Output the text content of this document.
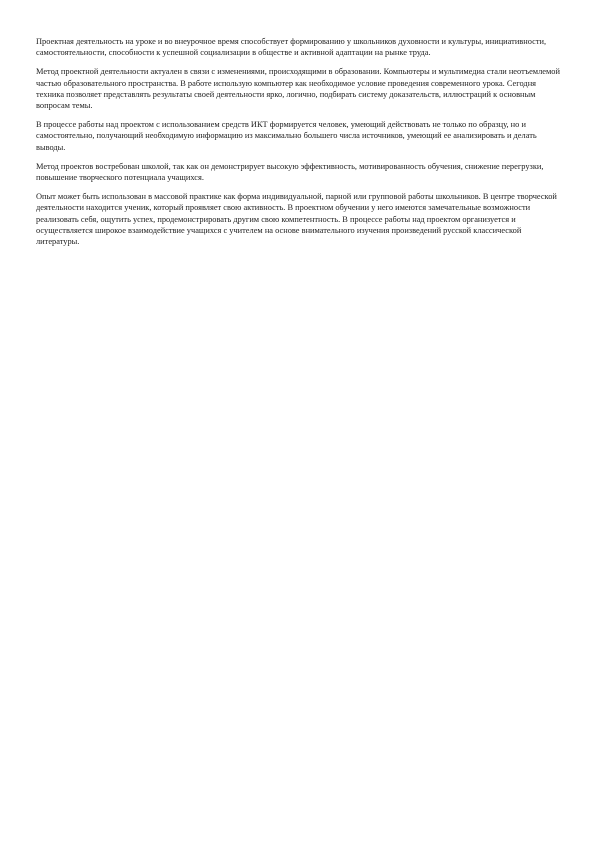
Проектная деятельность на уроке и во внеурочное время способствует формированию у школьников духовности и культуры, инициативности, самостоятельности, способности к успешной социализации в обществе и активной адаптации на рынке труда.

Метод проектной деятельности актуален в связи с изменениями, происходящими в образовании. Компьютеры и мультимедиа стали неотъемлемой частью образовательного пространства. В работе использую компьютер как необходимое условие проведения современного урока. Сегодня техника позволяет представлять результаты своей деятельности ярко, логично, подбирать систему доказательств, иллюстраций к основным вопросам темы.

В процессе работы над проектом с использованием средств ИКТ формируется человек, умеющий действовать не только по образцу, но и самостоятельно, получающий необходимую информацию из максимально большего числа источников, умеющий ее анализировать и делать выводы.

Метод проектов востребован школой, так как он демонстрирует высокую эффективность, мотивированность обучения, снижение перегрузки, повышение творческого потенциала учащихся.

Опыт может быть использован в массовой практике как форма индивидуальной, парной или групповой работы школьников. В центре творческой деятельности находится ученик, который проявляет свою активность. В проектном обучении у него имеются замечательные возможности реализовать себя, ощутить успех, продемонстрировать другим свою компетентность. В процессе работы над проектом организуется и осуществляется широкое взаимодействие учащихся с учителем на основе внимательного изучения произведений русской классической литературы.
